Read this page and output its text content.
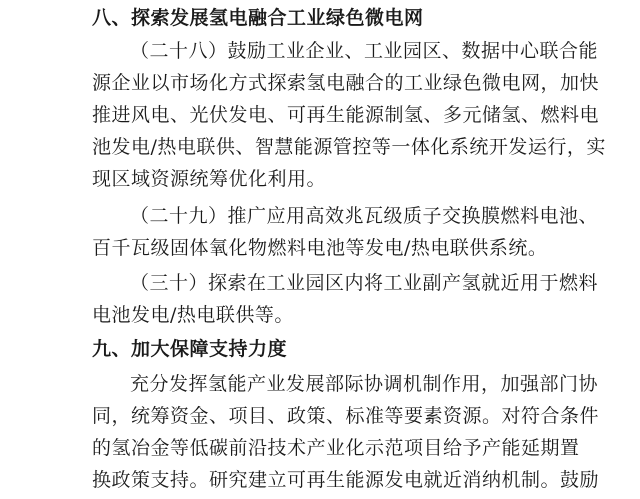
八、探索发展氢电融合工业绿色微电网
（二十八）鼓励工业企业、工业园区、数据中心联合能
源企业以市场化方式探索氢电融合的工业绿色微电网，加快
推进风电、光伏发电、可再生能源制氢、多元储氢、燃料电
池发电/热电联供、智慧能源管控等一体化系统开发运行，实
现区域资源统筹优化利用。
（二十九）推广应用高效兆瓦级质子交换膜燃料电池、
百千瓦级固体氧化物燃料电池等发电/热电联供系统。
（三十）探索在工业园区内将工业副产氢就近用于燃料
电池发电/热电联供等。
九、加大保障支持力度
充分发挥氢能产业发展部际协调机制作用，加强部门协
同，统筹资金、项目、政策、标准等要素资源。对符合条件
的氢冶金等低碳前沿技术产业化示范项目给予产能延期置
换政策支持。研究建立可再生能源发电就近消纳机制。鼓励
